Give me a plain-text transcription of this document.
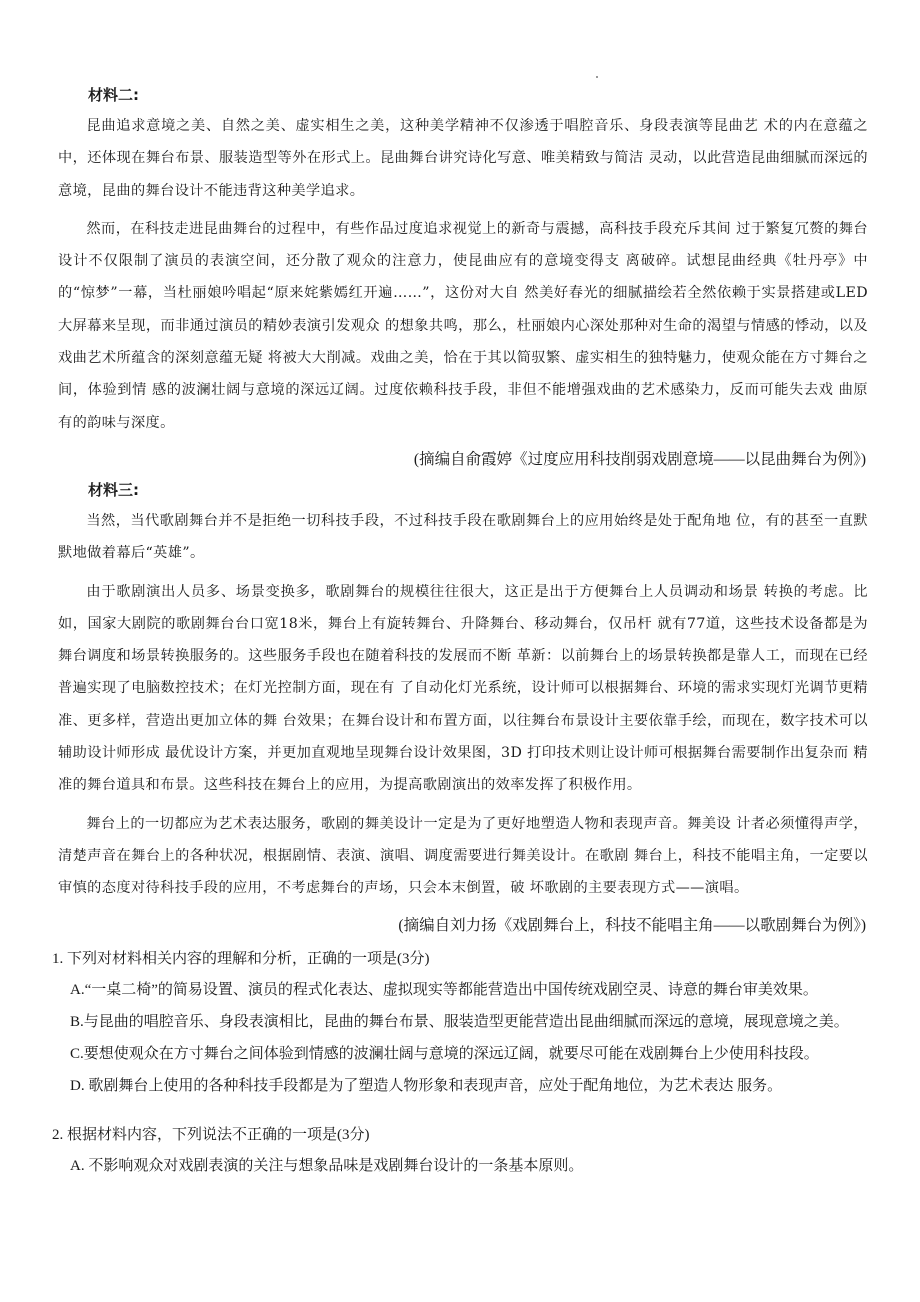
材料二:

昆曲追求意境之美、自然之美、虚实相生之美，这种美学精神不仅渗透于唱腔音乐、身段表演等昆曲艺 术的内在意蕴之中，还体现在舞台布景、服装造型等外在形式上。昆曲舞台讲究诗化写意、唯美精致与简洁 灵动，以此营造昆曲细腻而深远的意境，昆曲的舞台设计不能违背这种美学追求。

然而，在科技走进昆曲舞台的过程中，有些作品过度追求视觉上的新奇与震撼，高科技手段充斥其间 过于繁复冗赘的舞台设计不仅限制了演员的表演空间，还分散了观众的注意力，使昆曲应有的意境变得支 离破碎。试想昆曲经典《牡丹亭》中的“惊梦”一幕，当杜丽娘吟唱起“原来姹紫嫣红开遍……”，这份对大自 然美好春光的细腻描绘若全然依赖于实景搭建或LED 大屏幕来呈现，而非通过演员的精妙表演引发观众 的想象共鸣，那么，杜丽娘内心深处那种对生命的渴望与情感的悸动，以及戏曲艺术所蕴含的深刻意蕴无疑 将被大大削减。戏曲之美，恰在于其以简驭繁、虚实相生的独特魅力，使观众能在方寸舞台之间，体验到情 感的波澜壮阔与意境的深远辽阔。过度依赖科技手段，非但不能增强戏曲的艺术感染力，反而可能失去戏 曲原有的韵味与深度。

(摘编自俞霞婷《过度应用科技削弱戏剧意境——以昆曲舞台为例》)
材料三:

当然，当代歌剧舞台并不是拒绝一切科技手段，不过科技手段在歌剧舞台上的应用始终是处于配角地 位，有的甚至一直默默地做着幕后“英雄”。

由于歌剧演出人员多、场景变换多，歌剧舞台的规模往往很大，这正是出于方便舞台上人员调动和场景 转换的考虑。比如，国家大剧院的歌剧舞台台口宽18米，舞台上有旋转舞台、升降舞台、移动舞台，仅吊杆 就有77道，这些技术设备都是为舞台调度和场景转换服务的。这些服务手段也在随着科技的发展而不断 革新：以前舞台上的场景转换都是靠人工，而现在已经普遍实现了电脑数控技术；在灯光控制方面，现在有 了自动化灯光系统，设计师可以根据舞台、环境的需求实现灯光调节更精准、更多样，营造出更加立体的舞 台效果；在舞台设计和布置方面，以往舞台布景设计主要依靠手绘，而现在，数字技术可以辅助设计师形成 最优设计方案，并更加直观地呈现舞台设计效果图，3D 打印技术则让设计师可根据舞台需要制作出复杂而 精准的舞台道具和布景。这些科技在舞台上的应用，为提高歌剧演出的效率发挥了积极作用。

舞台上的一切都应为艺术表达服务，歌剧的舞美设计一定是为了更好地塑造人物和表现声音。舞美设 计者必须懂得声学，清楚声音在舞台上的各种状况，根据剧情、表演、演唱、调度需要进行舞美设计。在歌剧 舞台上，科技不能唱主角，一定要以审慎的态度对待科技手段的应用，不考虑舞台的声场，只会本末倒置，破 坏歌剧的主要表现方式——演唱。

(摘编自刘力扬《戏剧舞台上，科技不能唱主角——以歌剧舞台为例》)
1. 下列对材料相关内容的理解和分析，正确的一项是(3分)
A.“一桌二椅”的简易设置、演员的程式化表达、虚拟现实等都能营造出中国传统戏剧空灵、诗意的舞台审美效果。
B.与昆曲的唱腔音乐、身段表演相比，昆曲的舞台布景、服装造型更能营造出昆曲细腻而深远的意境，展现意境之美。
C.要想使观众在方寸舞台之间体验到情感的波澜壮阔与意境的深远辽阔，就要尽可能在戏剧舞台上少使用科技段。
D. 歌剧舞台上使用的各种科技手段都是为了塑造人物形象和表现声音，应处于配角地位，为艺术表达 服务。
2. 根据材料内容，下列说法不正确的一项是(3分)
A. 不影响观众对戏剧表演的关注与想象品味是戏剧舞台设计的一条基本原则。
